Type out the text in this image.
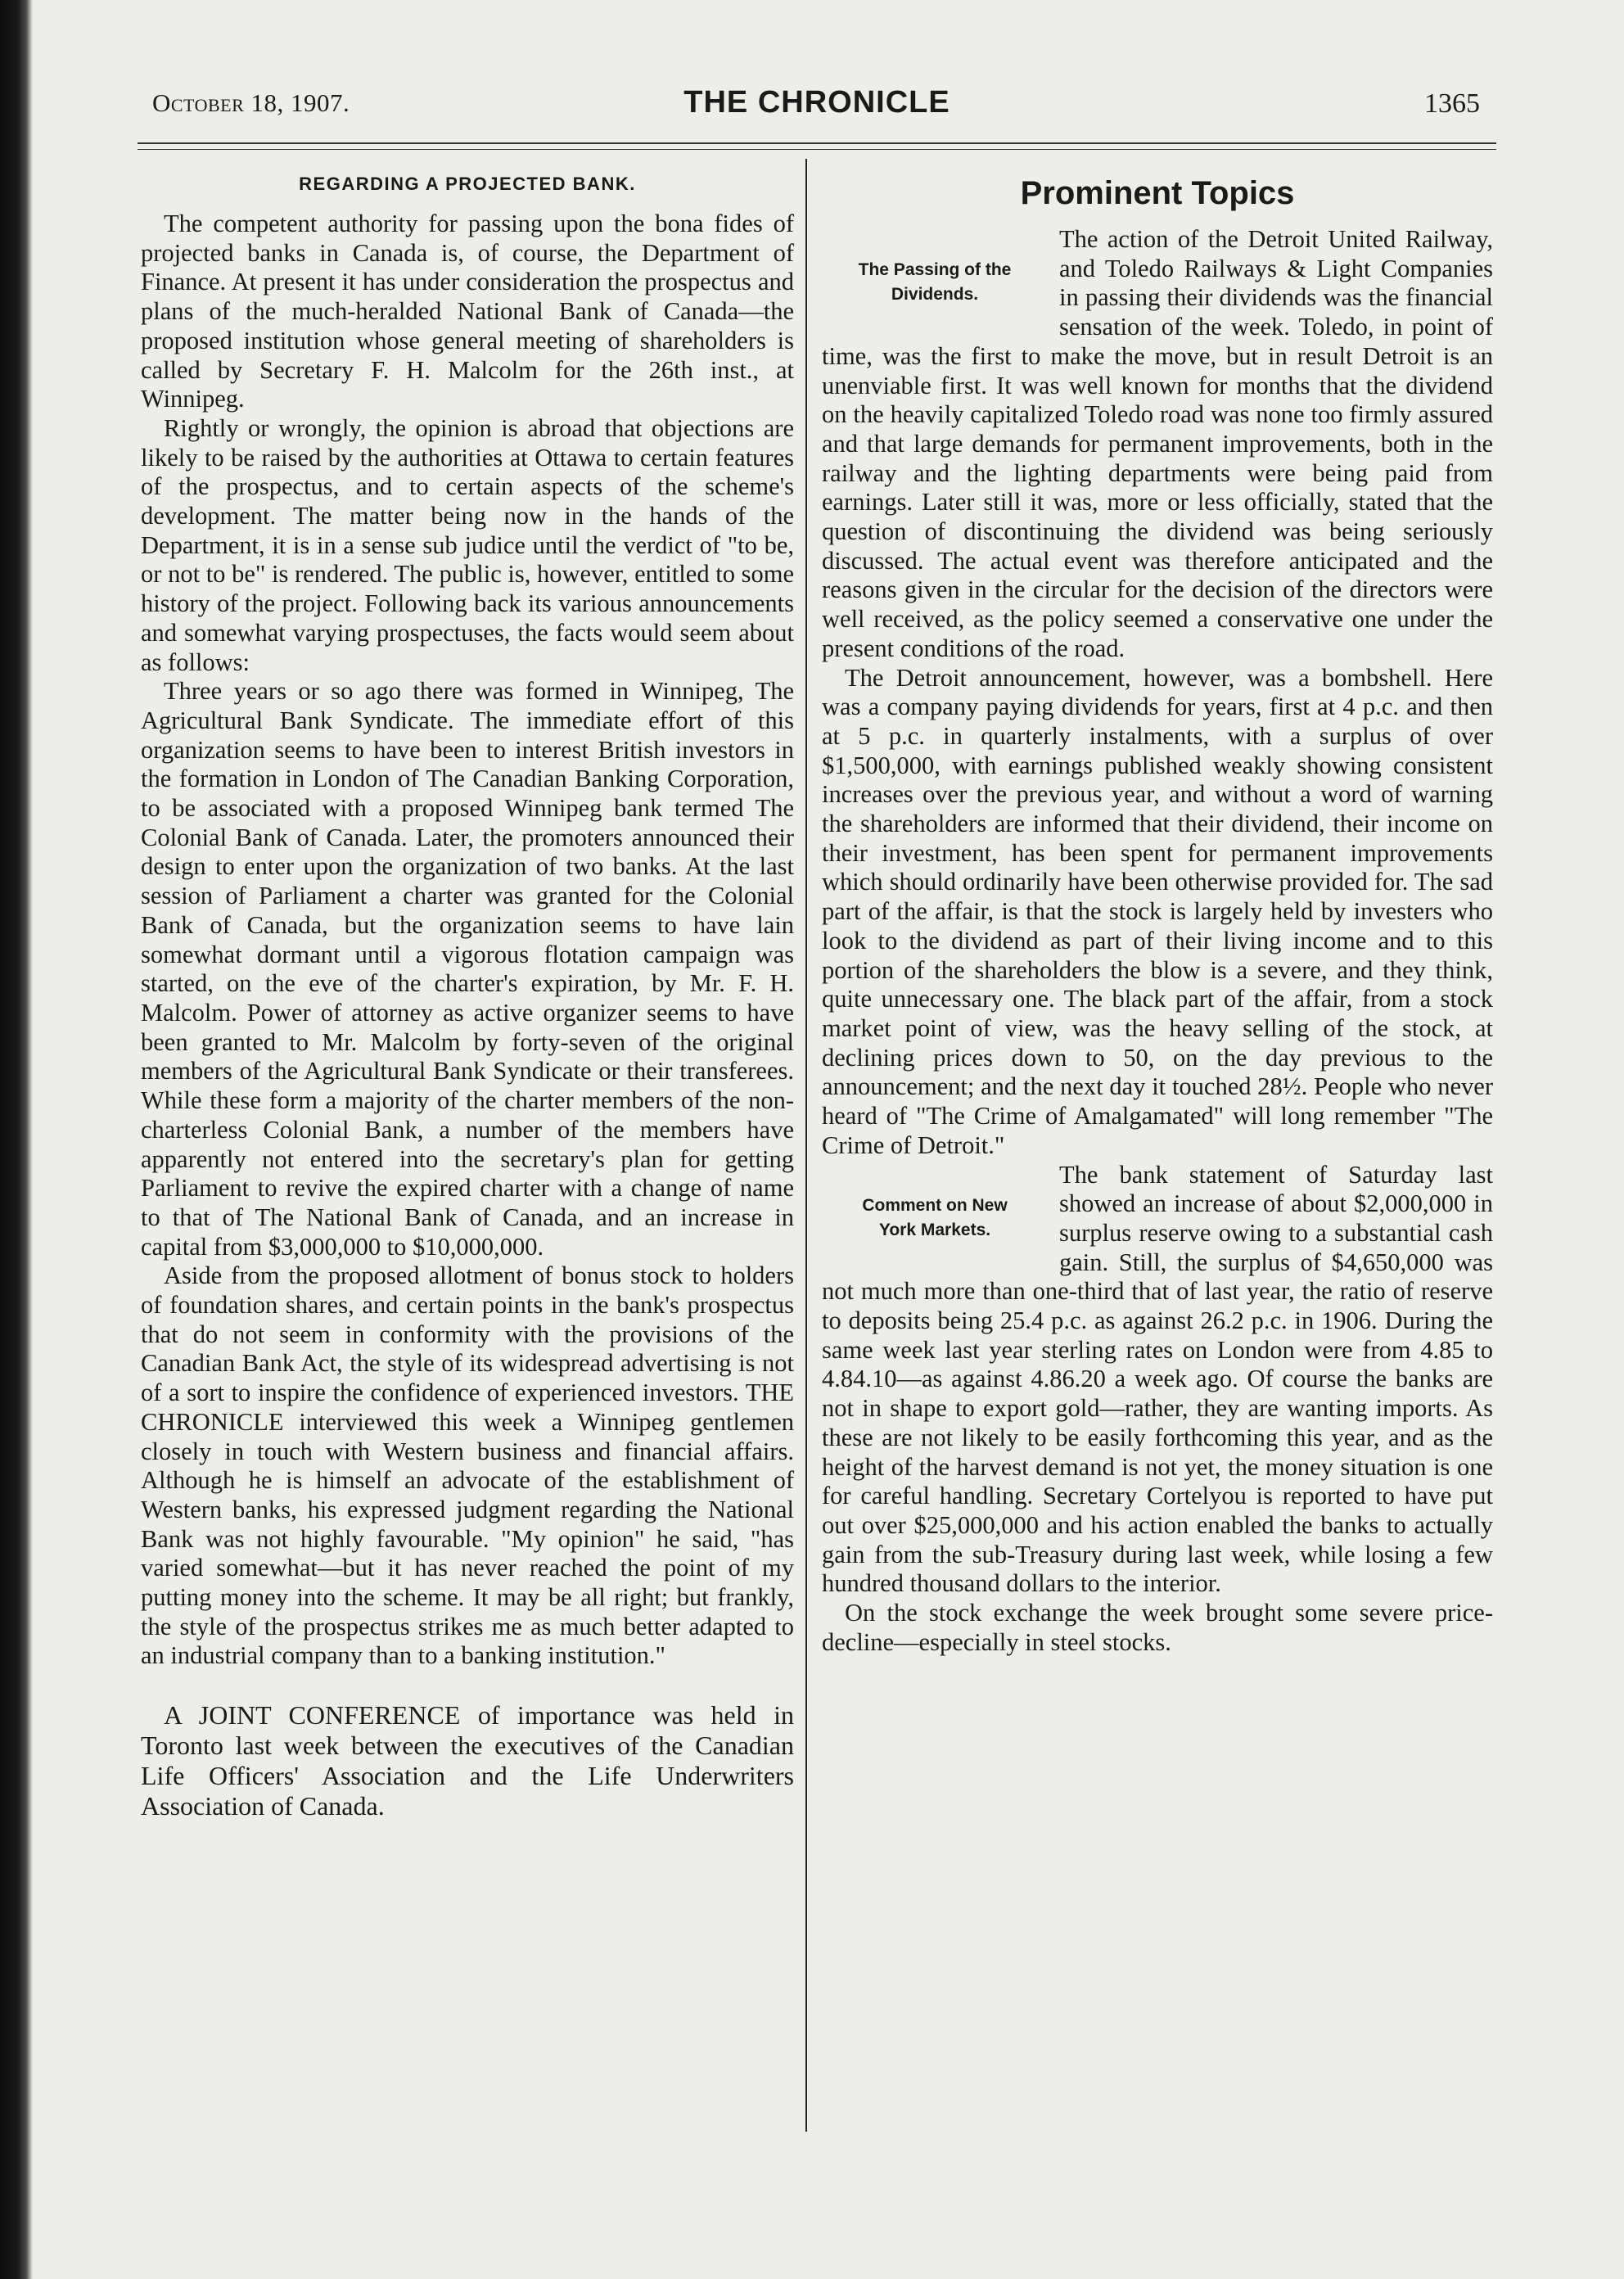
October 18, 1907.	THE CHRONICLE	1365
REGARDING A PROJECTED BANK.

The competent authority for passing upon the bona fides of projected banks in Canada is, of course, the Department of Finance. At present it has under consideration the prospectus and plans of the much-heralded National Bank of Canada—the proposed institution whose general meeting of shareholders is called by Secretary F. H. Malcolm for the 26th inst., at Winnipeg.

Rightly or wrongly, the opinion is abroad that objections are likely to be raised by the authorities at Ottawa to certain features of the prospectus, and to certain aspects of the scheme's development. The matter being now in the hands of the Department, it is in a sense sub judice until the verdict of "to be, or not to be" is rendered. The public is, however, entitled to some history of the project. Following back its various announcements and somewhat varying prospectuses, the facts would seem about as follows:

Three years or so ago there was formed in Winnipeg, The Agricultural Bank Syndicate. The immediate effort of this organization seems to have been to interest British investors in the formation in London of The Canadian Banking Corporation, to be associated with a proposed Winnipeg bank termed The Colonial Bank of Canada. Later, the promoters announced their design to enter upon the organization of two banks. At the last session of Parliament a charter was granted for the Colonial Bank of Canada, but the organization seems to have lain somewhat dormant until a vigorous flotation campaign was started, on the eve of the charter's expiration, by Mr. F. H. Malcolm. Power of attorney as active organizer seems to have been granted to Mr. Malcolm by forty-seven of the original members of the Agricultural Bank Syndicate or their transferees. While these form a majority of the charter members of the non-charterless Colonial Bank, a number of the members have apparently not entered into the secretary's plan for getting Parliament to revive the expired charter with a change of name to that of The National Bank of Canada, and an increase in capital from $3,000,000 to $10,000,000.

Aside from the proposed allotment of bonus stock to holders of foundation shares, and certain points in the bank's prospectus that do not seem in conformity with the provisions of the Canadian Bank Act, the style of its widespread advertising is not of a sort to inspire the confidence of experienced investors. THE CHRONICLE interviewed this week a Winnipeg gentlemen closely in touch with Western business and financial affairs. Although he is himself an advocate of the establishment of Western banks, his expressed judgment regarding the National Bank was not highly favourable. "My opinion" he said, "has varied somewhat—but it has never reached the point of my putting money into the scheme. It may be all right; but frankly, the style of the prospectus strikes me as much better adapted to an industrial company than to a banking institution."

A JOINT CONFERENCE of importance was held in Toronto last week between the executives of the Canadian Life Officers' Association and the Life Underwriters Association of Canada.

Prominent Topics
The Passing of the
Dividends.

The action of the Detroit United Railway, and Toledo Railways & Light Companies in passing their dividends was the financial sensation of the week. Toledo, in point of time, was the first to make the move, but in result Detroit is an unenviable first. It was well known for months that the dividend on the heavily capitalized Toledo road was none too firmly assured and that large demands for permanent improvements, both in the railway and the lighting departments were being paid from earnings. Later still it was, more or less officially, stated that the question of discontinuing the dividend was being seriously discussed. The actual event was therefore anticipated and the reasons given in the circular for the decision of the directors were well received, as the policy seemed a conservative one under the present conditions of the road.

The Detroit announcement, however, was a bombshell. Here was a company paying dividends for years, first at 4 p.c. and then at 5 p.c. in quarterly instalments, with a surplus of over $1,500,000, with earnings published weakly showing consistent increases over the previous year, and without a word of warning the shareholders are informed that their dividend, their income on their investment, has been spent for permanent improvements which should ordinarily have been otherwise provided for. The sad part of the affair, is that the stock is largely held by investers who look to the dividend as part of their living income and to this portion of the shareholders the blow is a severe, and they think, quite unnecessary one. The black part of the affair, from a stock market point of view, was the heavy selling of the stock, at declining prices down to 50, on the day previous to the announcement; and the next day it touched 28½. People who never heard of "The Crime of Amalgamated" will long remember "The Crime of Detroit."

Comment on New
York Markets.

The bank statement of Saturday last showed an increase of about $2,000,000 in surplus reserve owing to a substantial cash gain. Still, the surplus of $4,650,000 was not much more than one-third that of last year, the ratio of reserve to deposits being 25.4 p.c. as against 26.2 p.c. in 1906. During the same week last year sterling rates on London were from 4.85 to 4.84.10—as against 4.86.20 a week ago. Of course the banks are not in shape to export gold—rather, they are wanting imports. As these are not likely to be easily forthcoming this year, and as the height of the harvest demand is not yet, the money situation is one for careful handling. Secretary Cortelyou is reported to have put out over $25,000,000 and his action enabled the banks to actually gain from the sub-Treasury during last week, while losing a few hundred thousand dollars to the interior.

On the stock exchange the week brought some severe price-decline—especially in steel stocks.
